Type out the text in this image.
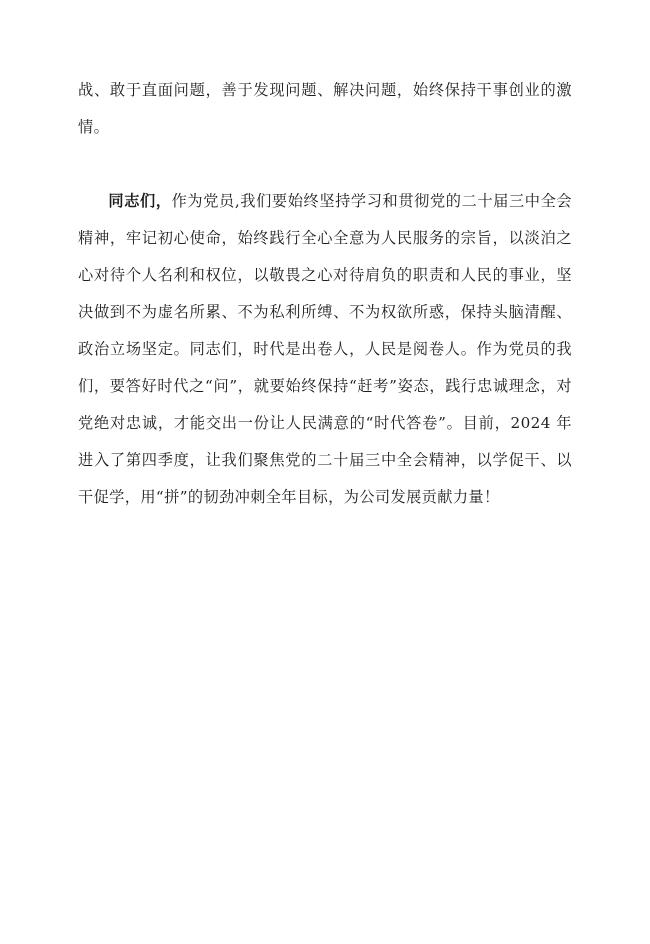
战、敢于直面问题，善于发现问题、解决问题，始终保持干事创业的激情。

同志们，作为党员,我们要始终坚持学习和贯彻党的二十届三中全会精神，牢记初心使命，始终践行全心全意为人民服务的宗旨，以淡泊之心对待个人名利和权位，以敬畏之心对待肩负的职责和人民的事业，坚决做到不为虚名所累、不为私利所缚、不为权欲所惑，保持头脑清醒、政治立场坚定。同志们，时代是出卷人，人民是阅卷人。作为党员的我们，要答好时代之“问”，就要始终保持“赶考”姿态，践行忠诚理念，对党绝对忠诚，才能交出一份让人民满意的“时代答卷”。目前，2024 年进入了第四季度，让我们聚焦党的二十届三中全会精神，以学促干、以干促学，用“拼”的韧劲冲刺全年目标，为公司发展贡献力量！
